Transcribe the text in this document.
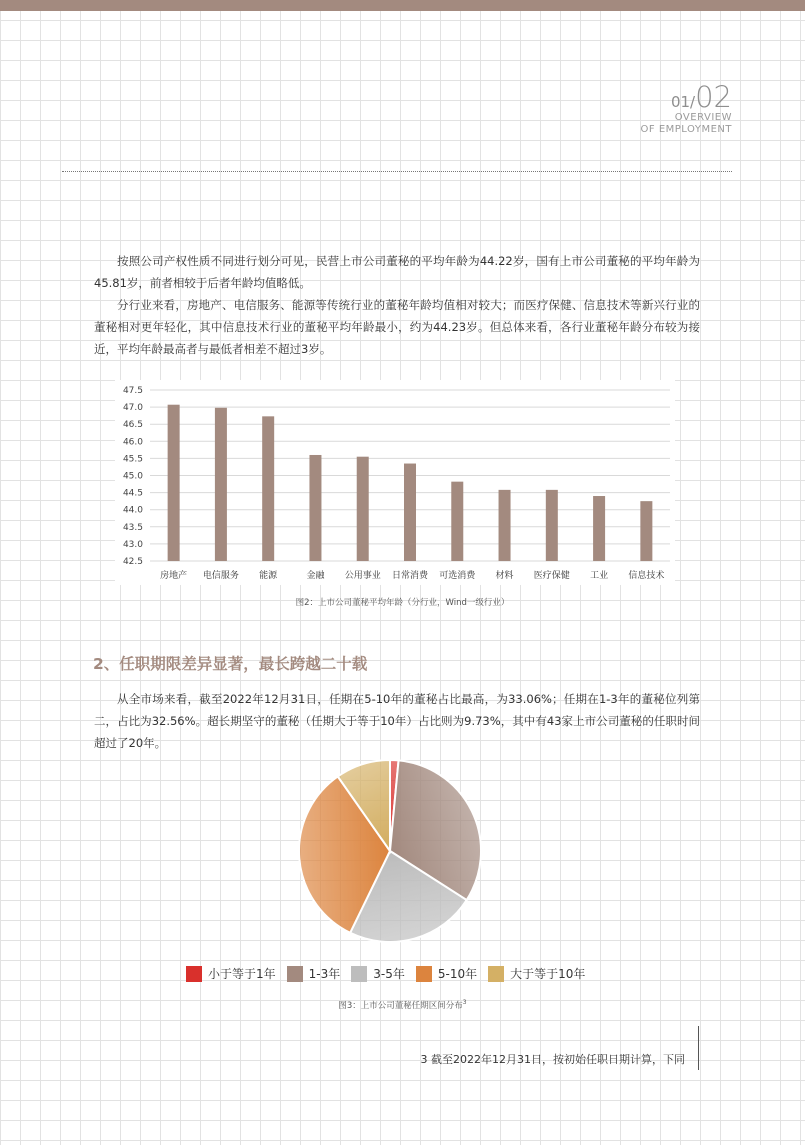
01/02
OVERVIEW
OF EMPLOYMENT

按照公司产权性质不同进行划分可见，民营上市公司董秘的平均年龄为44.22岁，国有上市公司董秘的平均年龄为45.81岁，前者相较于后者年龄均值略低。

分行业来看，房地产、电信服务、能源等传统行业的董秘年龄均值相对较大；而医疗保健、信息技术等新兴行业的董秘相对更年轻化，其中信息技术行业的董秘平均年龄最小，约为44.23岁。但总体来看，各行业董秘年龄分布较为接近，平均年龄最高者与最低者相差不超过3岁。

42.5
43.0
43.5
44.0
44.5
45.0
45.5
46.0
46.5
47.0
47.5
房地产 电信服务 能源	金融 公用事业 日常消费 可选消费 材料 医疗保健 工业 信息技术
图2：上市公司董秘平均年龄（分行业，Wind一级行业）
2、任职期限差异显著，最长跨越二十载

从全市场来看，截至2022年12月31日，任期在5-10年的董秘占比最高，为33.06%；任期在1-3年的董秘位列第二，占比为32.56%。超长期坚守的董秘（任期大于等于10年）占比则为9.73%，其中有43家上市公司董秘的任职时间超过了20年。

小于等于1年	1-3年	3-5年	5-10年	大于等于10年
图3：上市公司董秘任期区间分布$^3$
3 截至2022年12月31日，按初始任职日期计算，下同
